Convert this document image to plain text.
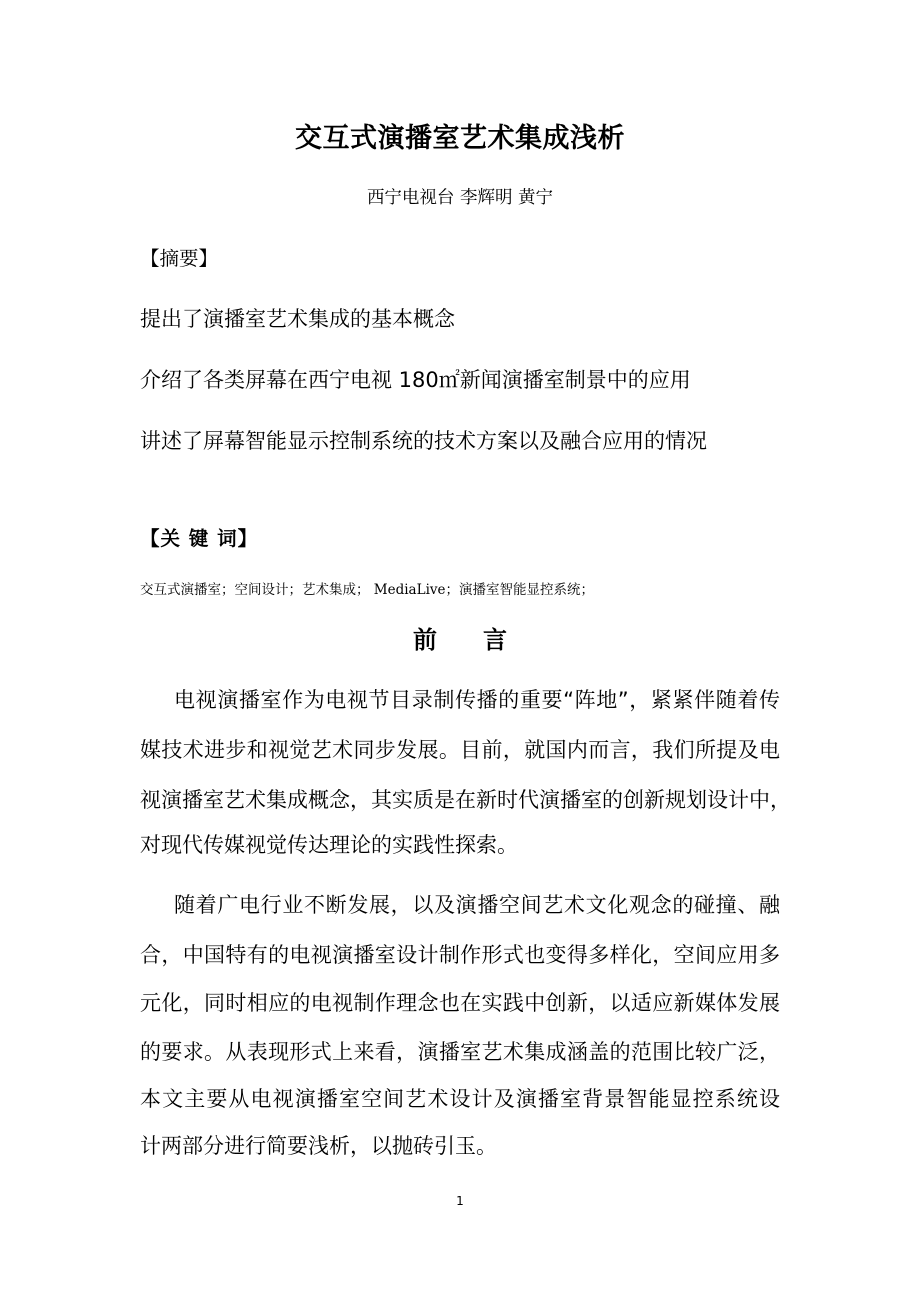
交互式演播室艺术集成浅析
西宁电视台 李辉明 黄宁
【摘要】
提出了演播室艺术集成的基本概念
介绍了各类屏幕在西宁电视 180㎡新闻演播室制景中的应用
讲述了屏幕智能显示控制系统的技术方案以及融合应用的情况
【关 键 词】
交互式演播室；空间设计；艺术集成； MediaLive；演播室智能显控系统；
前言
电视演播室作为电视节目录制传播的重要“阵地”，紧紧伴随着传
媒技术进步和视觉艺术同步发展。目前，就国内而言，我们所提及电
视演播室艺术集成概念，其实质是在新时代演播室的创新规划设计中，
对现代传媒视觉传达理论的实践性探索。
随着广电行业不断发展，以及演播空间艺术文化观念的碰撞、融
合，中国特有的电视演播室设计制作形式也变得多样化，空间应用多
元化，同时相应的电视制作理念也在实践中创新，以适应新媒体发展
的要求。从表现形式上来看，演播室艺术集成涵盖的范围比较广泛，
本文主要从电视演播室空间艺术设计及演播室背景智能显控系统设
计两部分进行简要浅析，以抛砖引玉。
1
